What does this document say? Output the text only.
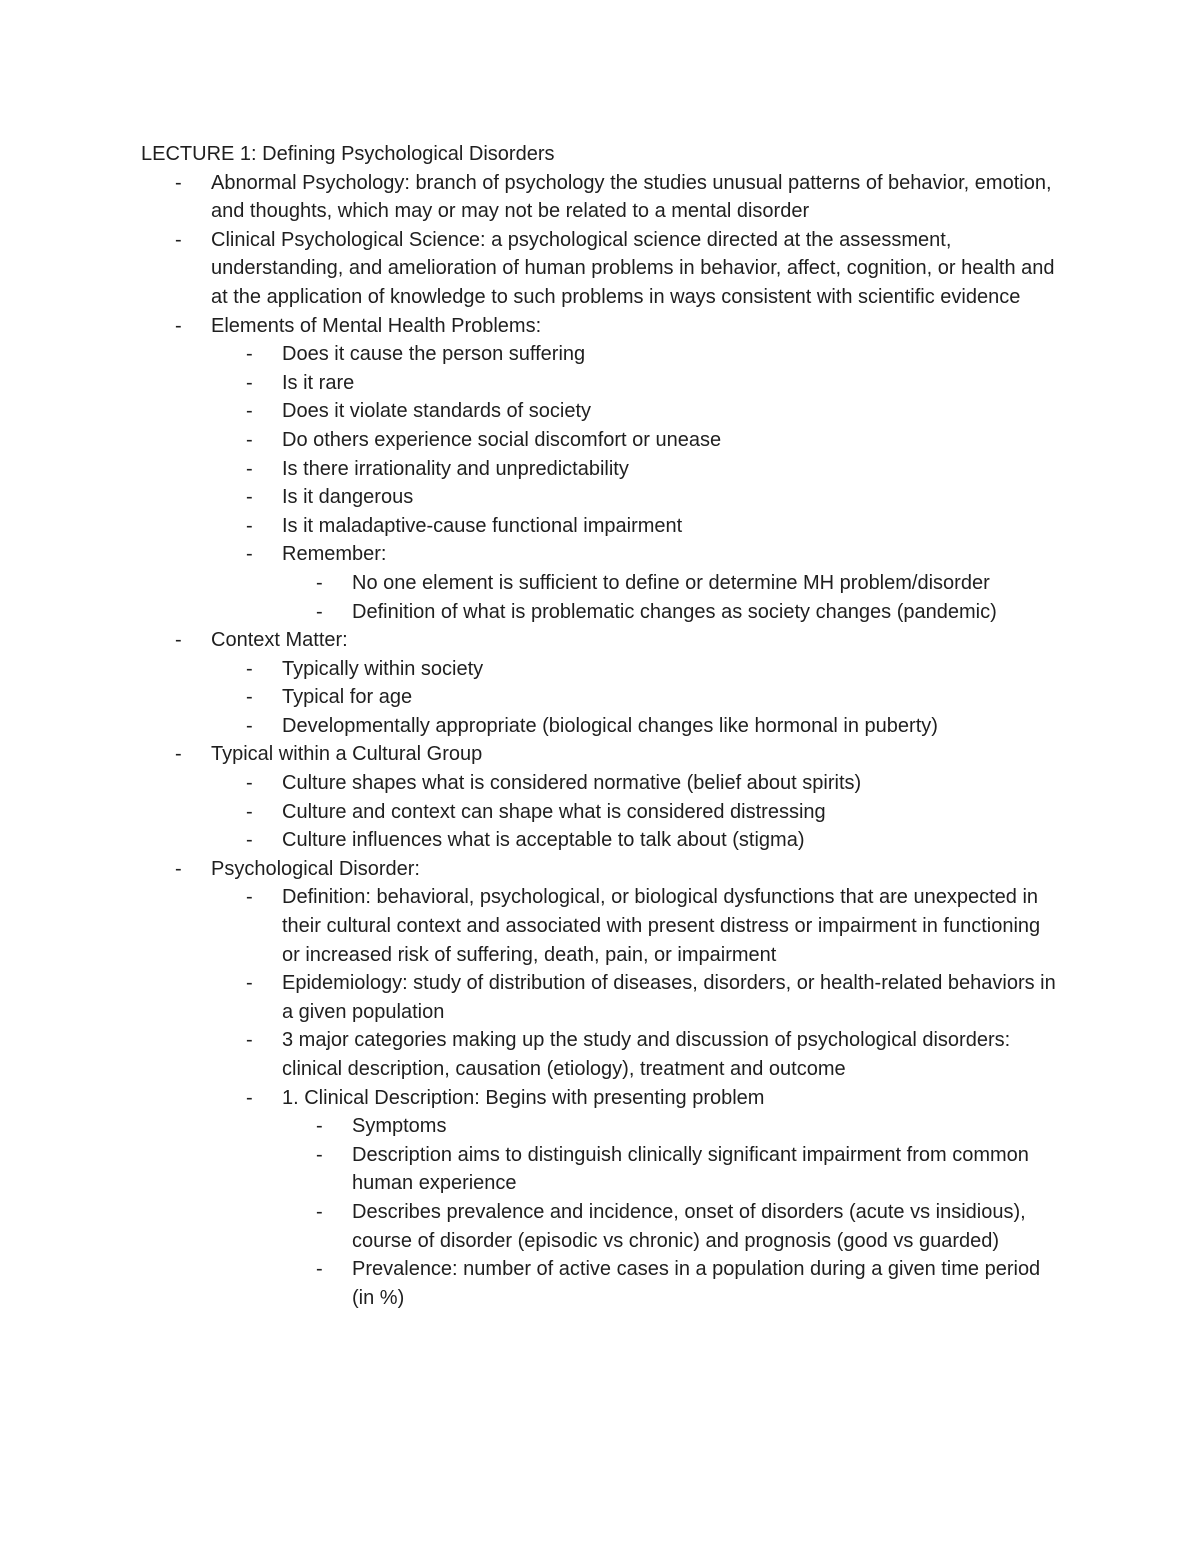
LECTURE 1: Defining Psychological Disorders
- Abnormal Psychology: branch of psychology the studies unusual patterns of behavior, emotion, and thoughts, which may or may not be related to a mental disorder
- Clinical Psychological Science: a psychological science directed at the assessment, understanding, and amelioration of human problems in behavior, affect, cognition, or health and at the application of knowledge to such problems in ways consistent with scientific evidence
- Elements of Mental Health Problems:
- Does it cause the person suffering
- Is it rare
- Does it violate standards of society
- Do others experience social discomfort or unease
- Is there irrationality and unpredictability
- Is it dangerous
- Is it maladaptive-cause functional impairment
- Remember:
- No one element is sufficient to define or determine MH problem/disorder
- Definition of what is problematic changes as society changes (pandemic)
- Context Matter:
- Typically within society
- Typical for age
- Developmentally appropriate (biological changes like hormonal in puberty)
- Typical within a Cultural Group
- Culture shapes what is considered normative (belief about spirits)
- Culture and context can shape what is considered distressing
- Culture influences what is acceptable to talk about (stigma)
- Psychological Disorder:
- Definition: behavioral, psychological, or biological dysfunctions that are unexpected in their cultural context and associated with present distress or impairment in functioning or increased risk of suffering, death, pain, or impairment
- Epidemiology: study of distribution of diseases, disorders, or health-related behaviors in a given population
- 3 major categories making up the study and discussion of psychological disorders: clinical description, causation (etiology), treatment and outcome
- 1. Clinical Description: Begins with presenting problem
- Symptoms
- Description aims to distinguish clinically significant impairment from common human experience
- Describes prevalence and incidence, onset of disorders (acute vs insidious), course of disorder (episodic vs chronic) and prognosis (good vs guarded)
- Prevalence: number of active cases in a population during a given time period (in %)
